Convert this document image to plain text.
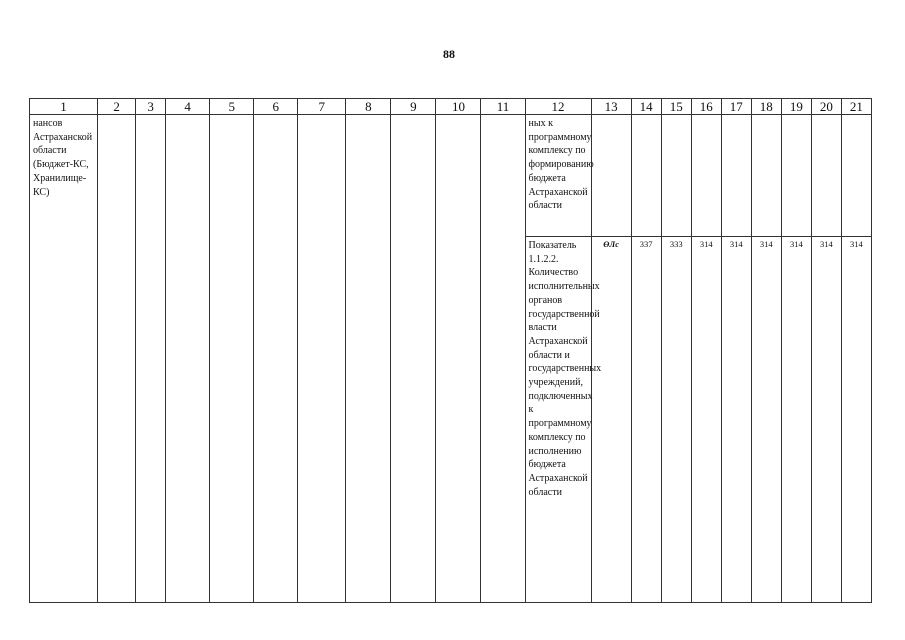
88
1	2	3	4	5	6	7	8	9	10	11	12	13	14	15	16	17	18	19	20	21

нансов Астраханской области (Бюджет-КС, Хранилище-КС)											ных к программному комплексу по формированию бюджета Астраханской области									

											Показатель 1.1.2.2. Количество исполнительных органов государственной власти Астраханской области и государственных учреждений, подключенных к программному комплексу по исполнению бюджета Астраханской области	ӨЛс	337	333	314	314	314	314	314	314
